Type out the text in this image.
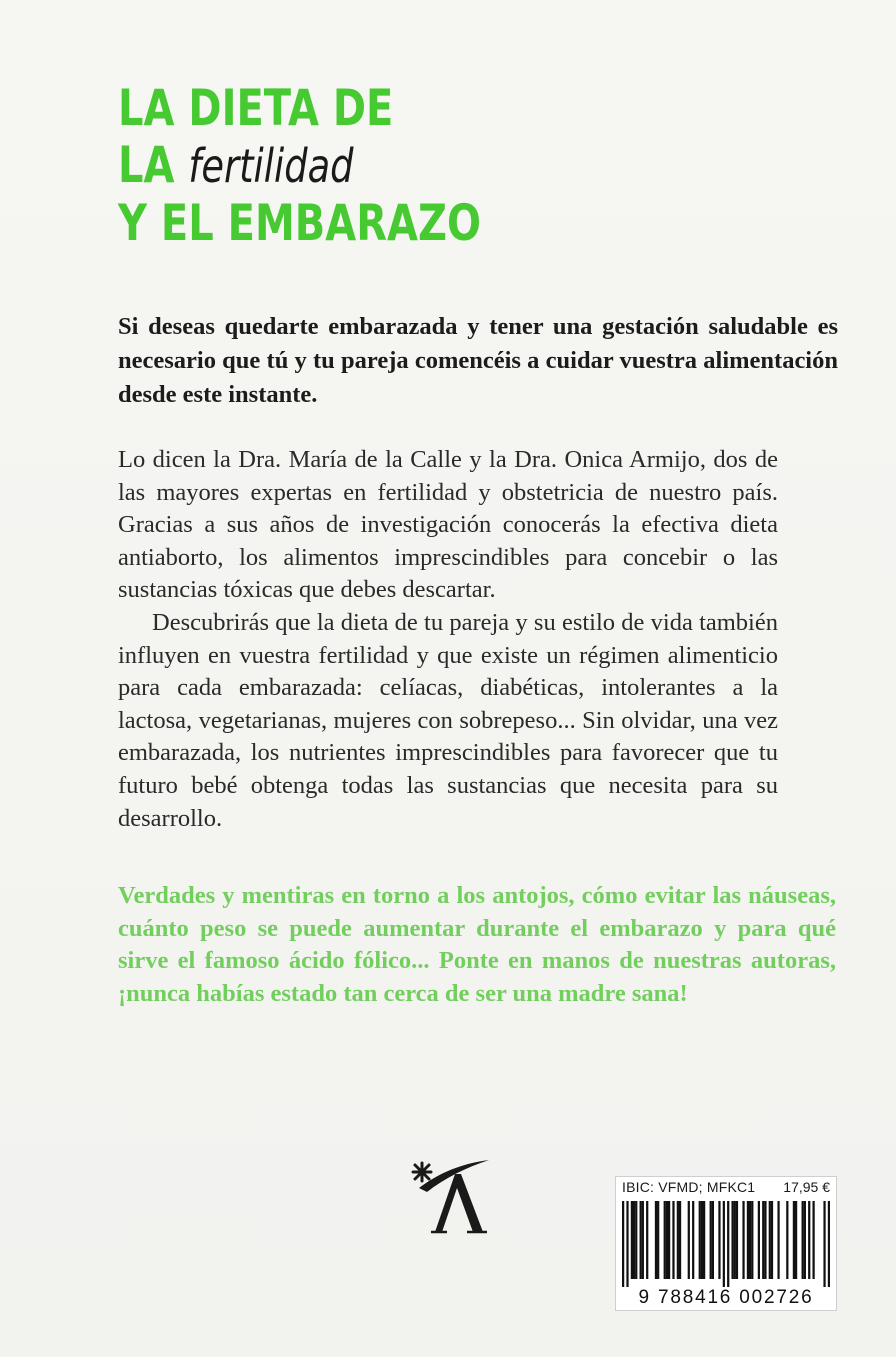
LA DIETA DE
LA fertilidad
Y EL EMBARAZO

Si deseas quedarte embarazada y tener una gestación saludable es necesario que tú y tu pareja comencéis a cuidar vuestra alimentación desde este instante.

Lo dicen la Dra. María de la Calle y la Dra. Onica Armijo, dos de las mayores expertas en fertilidad y obstetricia de nuestro país. Gracias a sus años de investigación conocerás la efectiva dieta antiaborto, los alimentos imprescindibles para concebir o las sustancias tóxicas que debes descartar.

Descubrirás que la dieta de tu pareja y su estilo de vida también influyen en vuestra fertilidad y que existe un régimen alimenticio para cada embarazada: celíacas, diabéticas, intolerantes a la lactosa, vegetarianas, mujeres con sobrepeso... Sin olvidar, una vez embarazada, los nutrientes imprescindibles para favorecer que tu futuro bebé obtenga todas las sustancias que necesita para su desarrollo.

Verdades y mentiras en torno a los antojos, cómo evitar las náuseas, cuánto peso se puede aumentar durante el embarazo y para qué sirve el famoso ácido fólico... Ponte en manos de nuestras autoras, ¡nunca habías estado tan cerca de ser una madre sana!

IBIC: VFMD; MFKC1 17,95 €
9 788416 002726
